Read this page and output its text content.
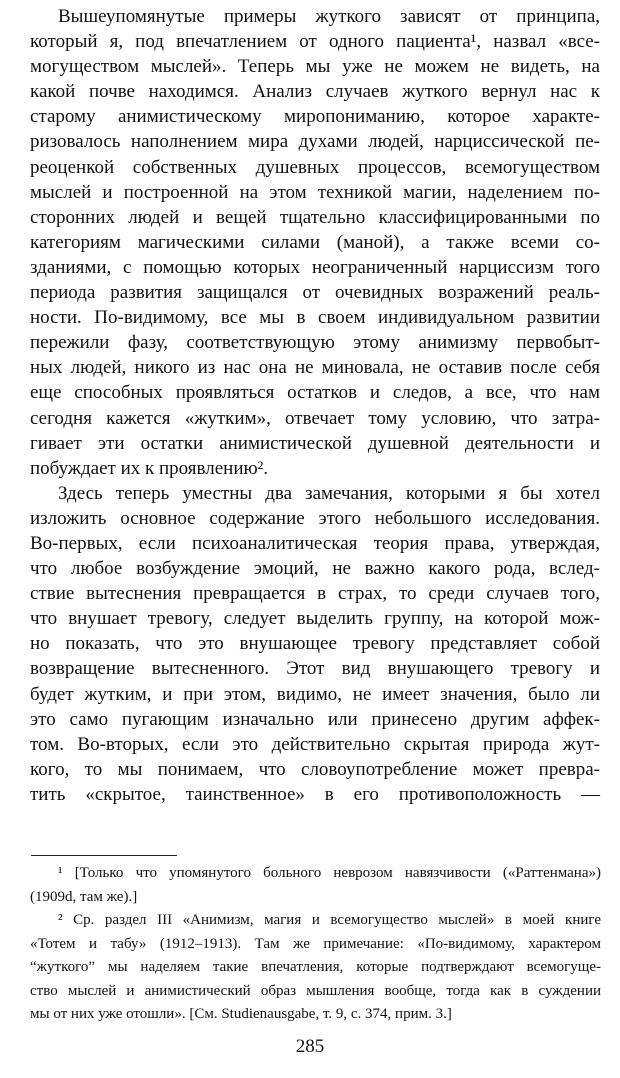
Вышеупомянутые примеры жуткого зависят от принципа,
который я, под впечатлением от одного пациента¹, назвал «все-
могуществом мыслей». Теперь мы уже не можем не видеть, на
какой почве находимся. Анализ случаев жуткого вернул нас к
старому анимистическому миропониманию, которое характе-
ризовалось наполнением мира духами людей, нарциссической пе-
реоценкой собственных душевных процессов, всемогуществом
мыслей и построенной на этом техникой магии, наделением по-
сторонних людей и вещей тщательно классифицированными по
категориям магическими силами (маной), а также всеми со-
зданиями, с помощью которых неограниченный нарциссизм того
периода развития защищался от очевидных возражений реаль-
ности. По-видимому, все мы в своем индивидуальном развитии
пережили фазу, соответствующую этому анимизму первобыт-
ных людей, никого из нас она не миновала, не оставив после себя
еще способных проявляться остатков и следов, а все, что нам
сегодня кажется «жутким», отвечает тому условию, что затра-
гивает эти остатки анимистической душевной деятельности и
побуждает их к проявлению².

Здесь теперь уместны два замечания, которыми я бы хотел
изложить основное содержание этого небольшого исследования.
Во-первых, если психоаналитическая теория права, утверждая,
что любое возбуждение эмоций, не важно какого рода, вслед-
ствие вытеснения превращается в страх, то среди случаев того,
что внушает тревогу, следует выделить группу, на которой мож-
но показать, что это внушающее тревогу представляет собой
возвращение вытесненного. Этот вид внушающего тревогу и
будет жутким, и при этом, видимо, не имеет значения, было ли
это само пугающим изначально или принесено другим аффек-
том. Во-вторых, если это действительно скрытая природа жут-
кого, то мы понимаем, что словоупотребление может превра-
тить «скрытое, таинственное» в его противоположность —

¹ [Только что упомянутого больного неврозом навязчивости («Раттенмана»)
(1909d, там же).]
² Ср. раздел III «Анимизм, магия и всемогущество мыслей» в моей книге
«Тотем и табу» (1912–1913). Там же примечание: «По-видимому, характером
“жуткого” мы наделяем такие впечатления, которые подтверждают всемогуще-
ство мыслей и анимистический образ мышления вообще, тогда как в суждении
мы от них уже отошли». [См. Studienausgabe, т. 9, с. 374, прим. 3.]
285
